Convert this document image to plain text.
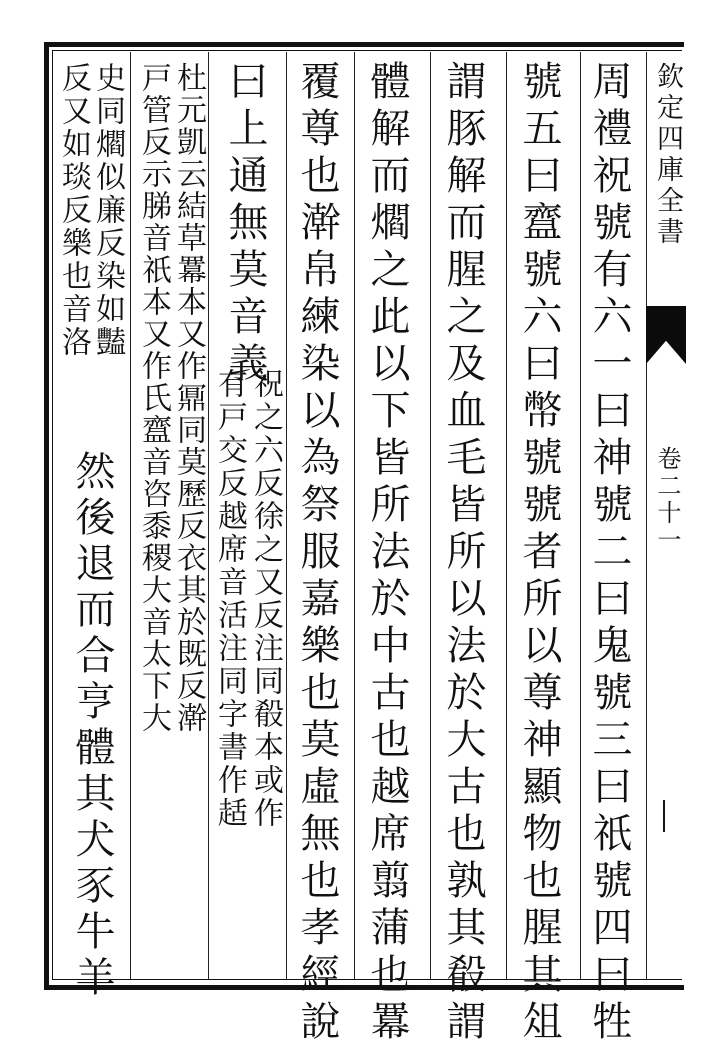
欽定四庫全書
卷二十一
周禮祝號有六一曰神號二曰鬼號三曰祇號四曰牲
號五曰齍號六曰幣號號者所以尊神顯物也腥其俎
謂豚解而腥之及血毛皆所以法於大古也孰其殽謂
體解而爓之此以下皆所法於中古也越席翦蒲也羃
覆尊也澣帛練染以為祭服嘉樂也莫虛無也孝經說
曰上通無莫音義
祝之六反徐之又反注同殽本或作
有戸交反越席音活注同字書作趏
杜元凱云結草羃本又作鼏同莫歷反衣其於既反澣
戸管反示䏲音祇本又作氏齍音咨黍稷大音太下大
史同爓似廉反染如豔
反又如琰反樂也音洛
然後退而合亨體其犬豕牛羊
